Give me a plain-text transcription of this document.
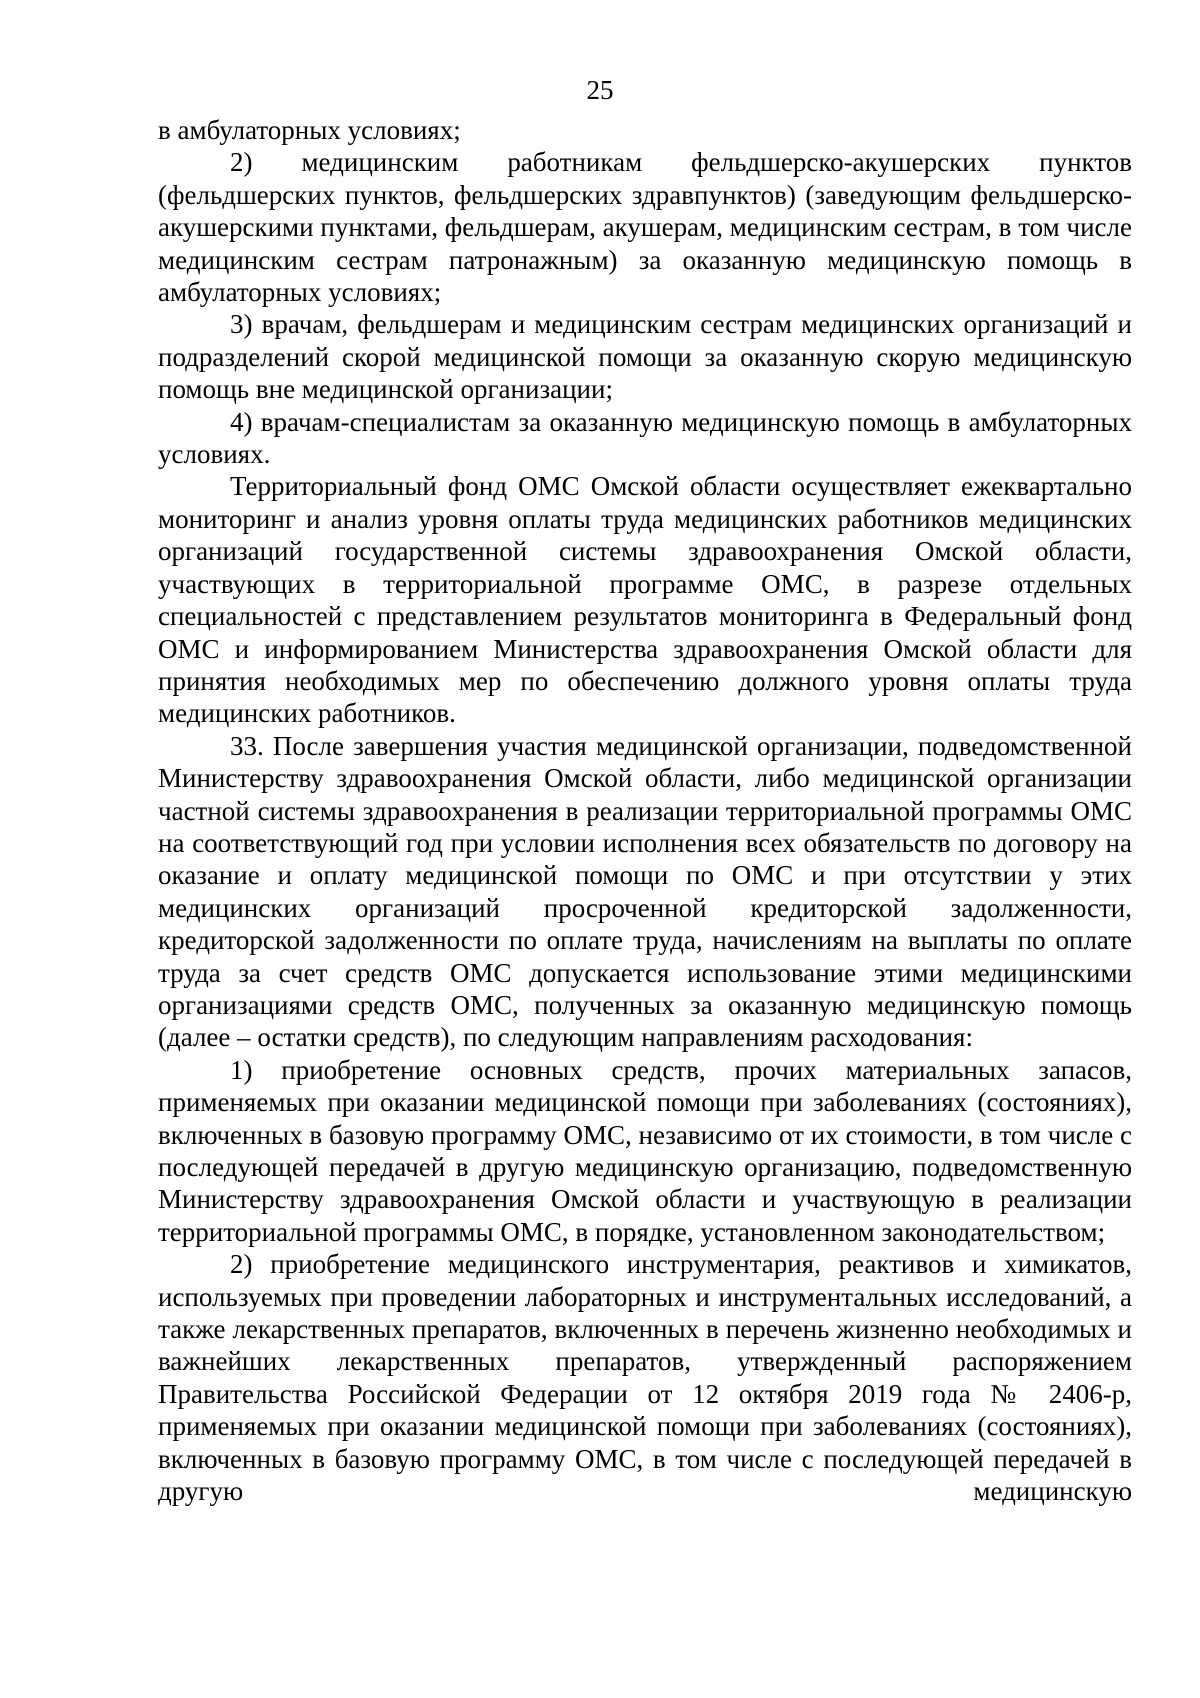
25

в амбулаторных условиях;

2) медицинским работникам фельдшерско-акушерских пунктов (фельдшерских пунктов, фельдшерских здравпунктов) (заведующим фельдшерско-акушерскими пунктами, фельдшерам, акушерам, медицинским сестрам, в том числе медицинским сестрам патронажным) за оказанную медицинскую помощь в амбулаторных условиях;

3) врачам, фельдшерам и медицинским сестрам медицинских организаций и подразделений скорой медицинской помощи за оказанную скорую медицинскую помощь вне медицинской организации;

4) врачам-специалистам за оказанную медицинскую помощь в амбулаторных условиях.

Территориальный фонд ОМС Омской области осуществляет ежеквартально мониторинг и анализ уровня оплаты труда медицинских работников медицинских организаций государственной системы здравоохранения Омской области, участвующих в территориальной программе ОМС, в разрезе отдельных специальностей с представлением результатов мониторинга в Федеральный фонд ОМС и информированием Министерства здравоохранения Омской области для принятия необходимых мер по обеспечению должного уровня оплаты труда медицинских работников.

33. После завершения участия медицинской организации, подведомственной Министерству здравоохранения Омской области, либо медицинской организации частной системы здравоохранения в реализации территориальной программы ОМС на соответствующий год при условии исполнения всех обязательств по договору на оказание и оплату медицинской помощи по ОМС и при отсутствии у этих медицинских организаций просроченной кредиторской задолженности, кредиторской задолженности по оплате труда, начислениям на выплаты по оплате труда за счет средств ОМС допускается использование этими медицинскими организациями средств ОМС, полученных за оказанную медицинскую помощь (далее – остатки средств), по следующим направлениям расходования:

1) приобретение основных средств, прочих материальных запасов, применяемых при оказании медицинской помощи при заболеваниях (состояниях), включенных в базовую программу ОМС, независимо от их стоимости, в том числе с последующей передачей в другую медицинскую организацию, подведомственную Министерству здравоохранения Омской области и участвующую в реализации территориальной программы ОМС, в порядке, установленном законодательством;

2) приобретение медицинского инструментария, реактивов и химикатов, используемых при проведении лабораторных и инструментальных исследований, а также лекарственных препаратов, включенных в перечень жизненно необходимых и важнейших лекарственных препаратов, утвержденный распоряжением Правительства Российской Федерации от 12 октября 2019 года № 2406-р, применяемых при оказании медицинской помощи при заболеваниях (состояниях), включенных в базовую программу ОМС, в том числе с последующей передачей в другую медицинскую
